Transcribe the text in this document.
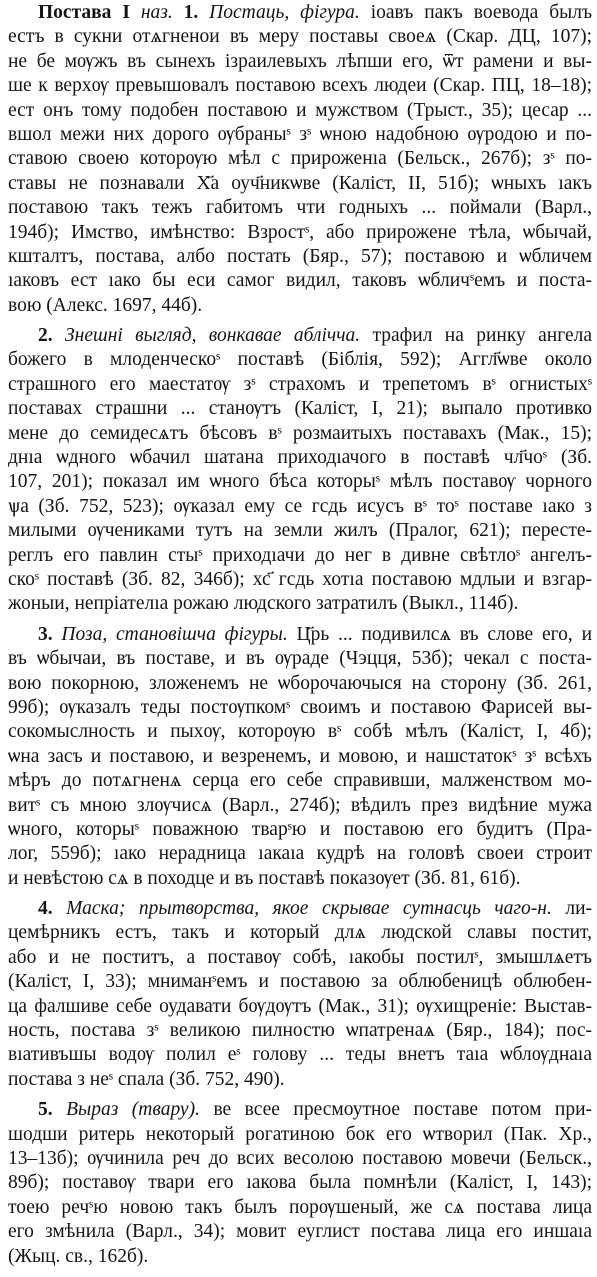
Постава I наз. 1. Постаць, фігура. іоавъ пакъ воевода былъ
естъ в сукни отѧгненои въ меру поставы своеѧ (Скар. ДЦ, 107);
не бе мѹжъ въ сынехъ ізраилевыхъ лѣпши его, ѿт рамени и вы-
ше к верхѹ превышовалъ поставою всехъ людеи (Скар. ПЦ, 18–18);
ест онъ тому подобен поставою и мужством (Трыст., 35); цесар ...
вшол межи них дорого ѹбраныˢ зˢ ѡною надобною ѹродою и по-
ставою своею которѹю мѣл с прироженıа (Бельск., 267б); зˢ по-
ставы не познавали Х҃а оуч҃никѡве (Каліст, II, 51б); ѡныхъ ıакъ
поставою такъ тежъ габитомъ чти годныхъ ... поймали (Варл.,
194б); Имство, имѣнство: Взростˢ, або прирожене тѣла, ѡбычай,
кшталтъ, постава, албо постать (Бяр., 57); поставою и ѡбличем
ıаковъ ест ıако бы еси самог видил, таковъ ѡбличˢемъ и поста-
вою (Алекс. 1697, 44б).
2. Знешні выгляд, вонкавае аблічча. трафил на ринку ангела
божего в млоденческоˢ поставѣ (Біблія, 592); Аггл҃ѡве около
страшного его маестатѹ зˢ страхомъ и трепетомъ вˢ огнистыхˢ
поставах страшни ... станѹтъ (Каліст, I, 21); выпало противко
мене до семидесѧтъ бѣсовъ вˢ розмаитыхъ поставахъ (Мак., 15);
днıа ѡдного ѡбачил шатана приходıачого в поставѣ чл҃чоˢ (Зб.
107, 201); показал им ѡного бѣса которыˢ мѣлъ поставѹ чорного
ѱа (Зб. 752, 523); ѹказал ему се гсдь исусъ вˢ тоˢ поставе ıако з
милыми ѹчениками тутъ на земли жилъ (Пралог, 621); пересте-
реглъ его павлин стыˢ приходıачи до нег в дивне свѣтлоˢ ангелъ-
скоˢ поставѣ (Зб. 82, 346б); хс҃ гсдь хотıа поставою мдлыи и взгар-
жоныи, непріателıа рожаю людского затратилъ (Выкл., 114б).
3. Поза, становішча фігуры. Ц҃рь ... подивилсѧ въ слове его, и
въ ѡбычаи, въ поставе, и въ ѹраде (Чэцця, 53б); чекал с поста-
вою покорною, зложенемъ не ѡборочаючыся на сторону (Зб. 261,
99б); ѹказалъ теды постѹпкомˢ своимъ и поставою Фарисей вы-
сокомыслность и пыхѹ, которѹю вˢ собѣ мѣлъ (Каліст, I, 4б);
ѡна засъ и поставою, и везренемъ, и мовою, и нашстатокˢ зˢ всѣхъ
мѣръ до потѧгненѧ серца его себе справивши, малженством мо-
витˢ съ мною злѹчисѧ (Варл., 274б); вѣдилъ през видѣние мужа
ѡного, которыˢ поважною тварˢю и поставою его будитъ (Пра-
лог, 559б); ıако нерадница ıакаıа кудрѣ на головѣ своеи строит
и невѣстою сѧ в походце и въ поставѣ показѹет (Зб. 81, 61б).
4. Маска; прытворства, якое скрывае сутнасць чаго-н. ли-
цемѣрникъ естъ, такъ и который длѧ людской славы постит,
або и не поститъ, а поставѹ собѣ, ıакобы постилˢ, змышлѧетъ
(Каліст, I, 33); мниманˢемъ и поставою за облюбеницѣ облюбен-
ца фалшиве себе оудавати бѹдѹтъ (Мак., 31); ѹхищреніе: Выстав-
ность, постава зˢ великою пилностю ѡпатренаѧ (Бяр., 184); пос-
вıативъшы водѹ полил еˢ голову ... теды внетъ таıа ѡблѹднаıа
постава з неˢ спала (Зб. 752, 490).
5. Выраз (твару). ве всее пресмоутное поставе потом при-
шодши ритерь некоторый рогатиною бок его ѡтворил (Пак. Хр.,
13–13б); ѹчинила реч до всих весолою поставою мовечи (Бельск.,
89б); поставѹ твари его ıакова была помнѣли (Каліст, I, 143);
тоею речˢю новою такъ былъ порѹшеный, же сѧ постава лица
его змѣнила (Варл., 34); мовит еуглист постава лица его иншаıа
(Жыц. св., 162б).
